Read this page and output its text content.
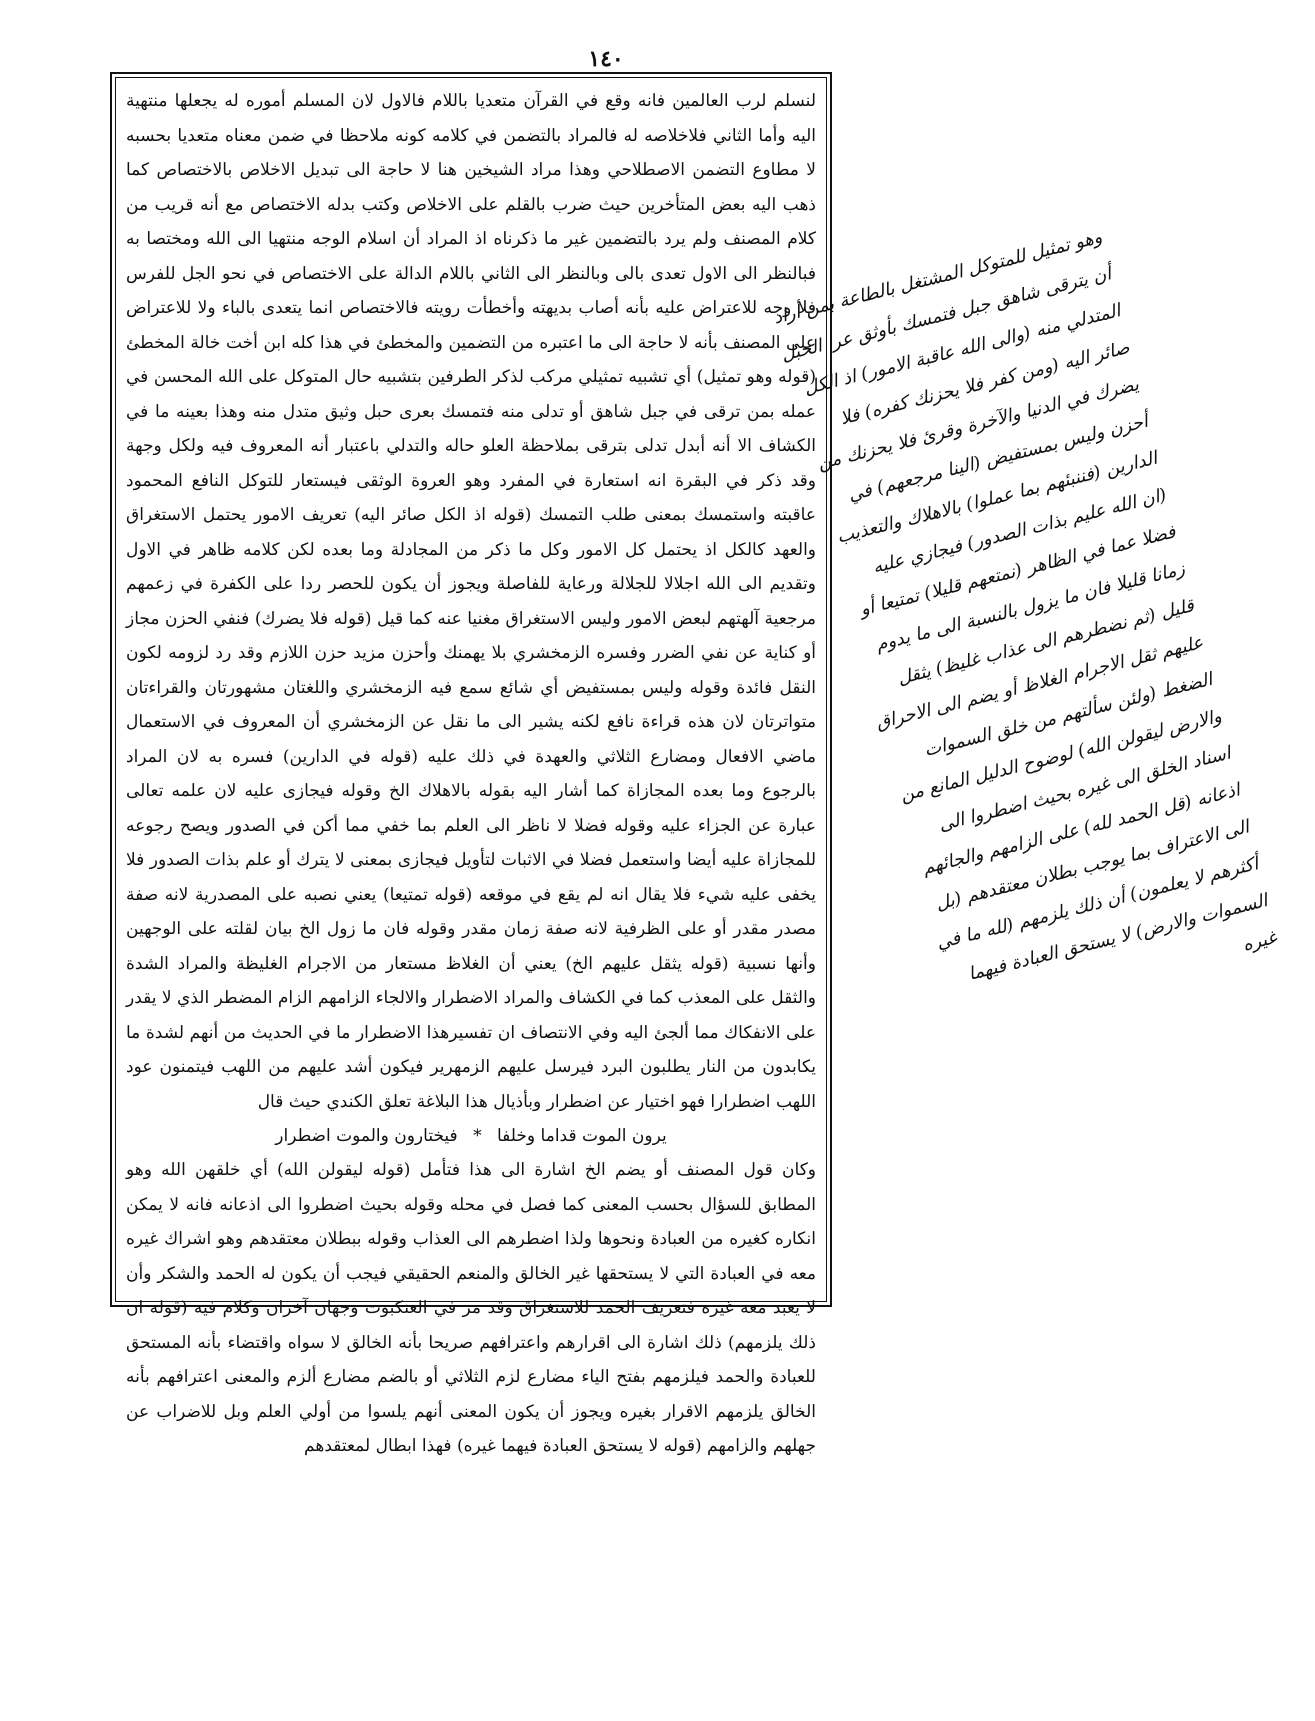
١٤٠

لنسلم لرب العالمين فانه وقع في القرآن متعديا باللام فالاول لان المسلم أموره له يجعلها منتهية اليه وأما الثاني فلاخلاصه له فالمراد بالتضمن في كلامه كونه ملاحظا في ضمن معناه متعديا بحسبه لا مطاوع التضمن الاصطلاحي وهذا مراد الشيخين هنا لا حاجة الى تبديل الاخلاص بالاختصاص كما ذهب اليه بعض المتأخرين حيث ضرب بالقلم على الاخلاص وكتب بدله الاختصاص مع أنه قريب من كلام المصنف ولم يرد بالتضمين غير ما ذكرناه اذ المراد أن اسلام الوجه منتهيا الى الله ومختصا به فبالنظر الى الاول تعدى بالى وبالنظر الى الثاني باللام الدالة على الاختصاص في نحو الجل للفرس فلا وجه للاعتراض عليه بأنه أصاب بديهته وأخطأت رويته فالاختصاص انما يتعدى بالباء ولا للاعتراض على المصنف بأنه لا حاجة الى ما اعتبره من التضمين والمخطئ في هذا كله ابن أخت خالة المخطئ (قوله وهو تمثيل) أي تشبيه تمثيلي مركب لذكر الطرفين بتشبيه حال المتوكل على الله المحسن في عمله بمن ترقى في جبل شاهق أو تدلى منه فتمسك بعرى حبل وثيق متدل منه وهذا بعينه ما في الكشاف الا أنه أبدل تدلى بترقى بملاحظة العلو حاله والتدلي باعتبار أنه المعروف فيه ولكل وجهة وقد ذكر في البقرة انه استعارة في المفرد وهو العروة الوثقى فيستعار للتوكل النافع المحمود عاقبته واستمسك بمعنى طلب التمسك (قوله اذ الكل صائر اليه) تعريف الامور يحتمل الاستغراق والعهد كالكل اذ يحتمل كل الامور وكل ما ذكر من المجادلة وما بعده لكن كلامه ظاهر في الاول وتقديم الى الله اجلالا للجلالة ورعاية للفاصلة ويجوز أن يكون للحصر ردا على الكفرة في زعمهم مرجعية آلهتهم لبعض الامور وليس الاستغراق مغنيا عنه كما قيل (قوله فلا يضرك) فنفي الحزن مجاز أو كناية عن نفي الضرر وفسره الزمخشري بلا يهمنك وأحزن مزيد حزن اللازم وقد رد لزومه لكون النقل فائدة وقوله وليس بمستفيض أي شائع سمع فيه الزمخشري واللغتان مشهورتان والقراءتان متواترتان لان هذه قراءة نافع لكنه يشير الى ما نقل عن الزمخشري أن المعروف في الاستعمال ماضي الافعال ومضارع الثلاثي والعهدة في ذلك عليه (قوله في الدارين) فسره به لان المراد بالرجوع وما بعده المجازاة كما أشار اليه بقوله بالاهلاك الخ وقوله فيجازى عليه لان علمه تعالى عبارة عن الجزاء عليه وقوله فضلا لا ناظر الى العلم بما خفي مما أكن في الصدور ويصح رجوعه للمجازاة عليه أيضا واستعمل فضلا في الاثبات لتأويل فيجازى بمعنى لا يترك أو علم بذات الصدور فلا يخفى عليه شيء فلا يقال انه لم يقع في موقعه (قوله تمتيعا) يعني نصبه على المصدرية لانه صفة مصدر مقدر أو على الظرفية لانه صفة زمان مقدر وقوله فان ما زول الخ بيان لقلته على الوجهين وأنها نسبية (قوله يثقل عليهم الخ) يعني أن الغلاظ مستعار من الاجرام الغليظة والمراد الشدة والثقل على المعذب كما في الكشاف والمراد الاضطرار والالجاء الزامهم الزام المضطر الذي لا يقدر على الانفكاك مما ألجئ اليه وفي الانتصاف ان تفسيرهذا الاضطرار ما في الحديث من أنهم لشدة ما يكابدون من النار يطلبون البرد فيرسل عليهم الزمهرير فيكون أشد عليهم من اللهب فيتمنون عود اللهب اضطرارا فهو اختيار عن اضطرار وبأذيال هذا البلاغة تعلق الكندي حيث قال

يرون الموت قداما وخلفا * فيختارون والموت اضطرار

وكان قول المصنف أو يضم الخ اشارة الى هذا فتأمل (قوله ليقولن الله) أي خلقهن الله وهو المطابق للسؤال بحسب المعنى كما فصل في محله وقوله بحيث اضطروا الى اذعانه فانه لا يمكن انكاره كغيره من العبادة ونحوها ولذا اضطرهم الى العذاب وقوله ببطلان معتقدهم وهو اشراك غيره معه في العبادة التي لا يستحقها غير الخالق والمنعم الحقيقي فيجب أن يكون له الحمد والشكر وأن لا يعبد معه غيره فتعريف الحمد للاستغراق وقد مر في العنكبوت وجهان آخران وكلام فيه (قوله ان ذلك يلزمهم) ذلك اشارة الى اقرارهم واعترافهم صريحا بأنه الخالق لا سواه واقتضاء بأنه المستحق للعبادة والحمد فيلزمهم بفتح الياء مضارع لزم الثلاثي أو بالضم مضارع ألزم والمعنى اعترافهم بأنه الخالق يلزمهم الاقرار بغيره ويجوز أن يكون المعنى أنهم يلسوا من أولي العلم وبل للاضراب عن جهلهم والزامهم (قوله لا يستحق العبادة فيهما غيره) فهذا ابطال لمعتقدهم

وهو تمثيل للمتوكل المشتغل بالطاعة بمن أراد أن يترقى شاهق جبل فتمسك بأوثق عرا الحبل المتدلي منه (والى الله عاقبة الامور) اذ الكل صائر اليه (ومن كفر فلا يحزنك كفره) فلا يضرك في الدنيا والآخرة وقرئ فلا يحزنك من أحزن وليس بمستفيض (الينا مرجعهم) في الدارين (فننبئهم بما عملوا) بالاهلاك والتعذيب (ان الله عليم بذات الصدور) فيجازي عليه فضلا عما في الظاهر (نمتعهم قليلا) تمتيعا أو زمانا قليلا فان ما يزول بالنسبة الى ما يدوم قليل (ثم نضطرهم الى عذاب غليظ) يثقل عليهم ثقل الاجرام الغلاظ أو يضم الى الاحراق الضغط (ولئن سألتهم من خلق السموات والارض ليقولن الله) لوضوح الدليل المانع من اسناد الخلق الى غيره بحيث اضطروا الى اذعانه (قل الحمد لله) على الزامهم والجائهم الى الاعتراف بما يوجب بطلان معتقدهم (بل أكثرهم لا يعلمون) أن ذلك يلزمهم (لله ما في السموات والارض) لا يستحق العبادة فيهما غيره
